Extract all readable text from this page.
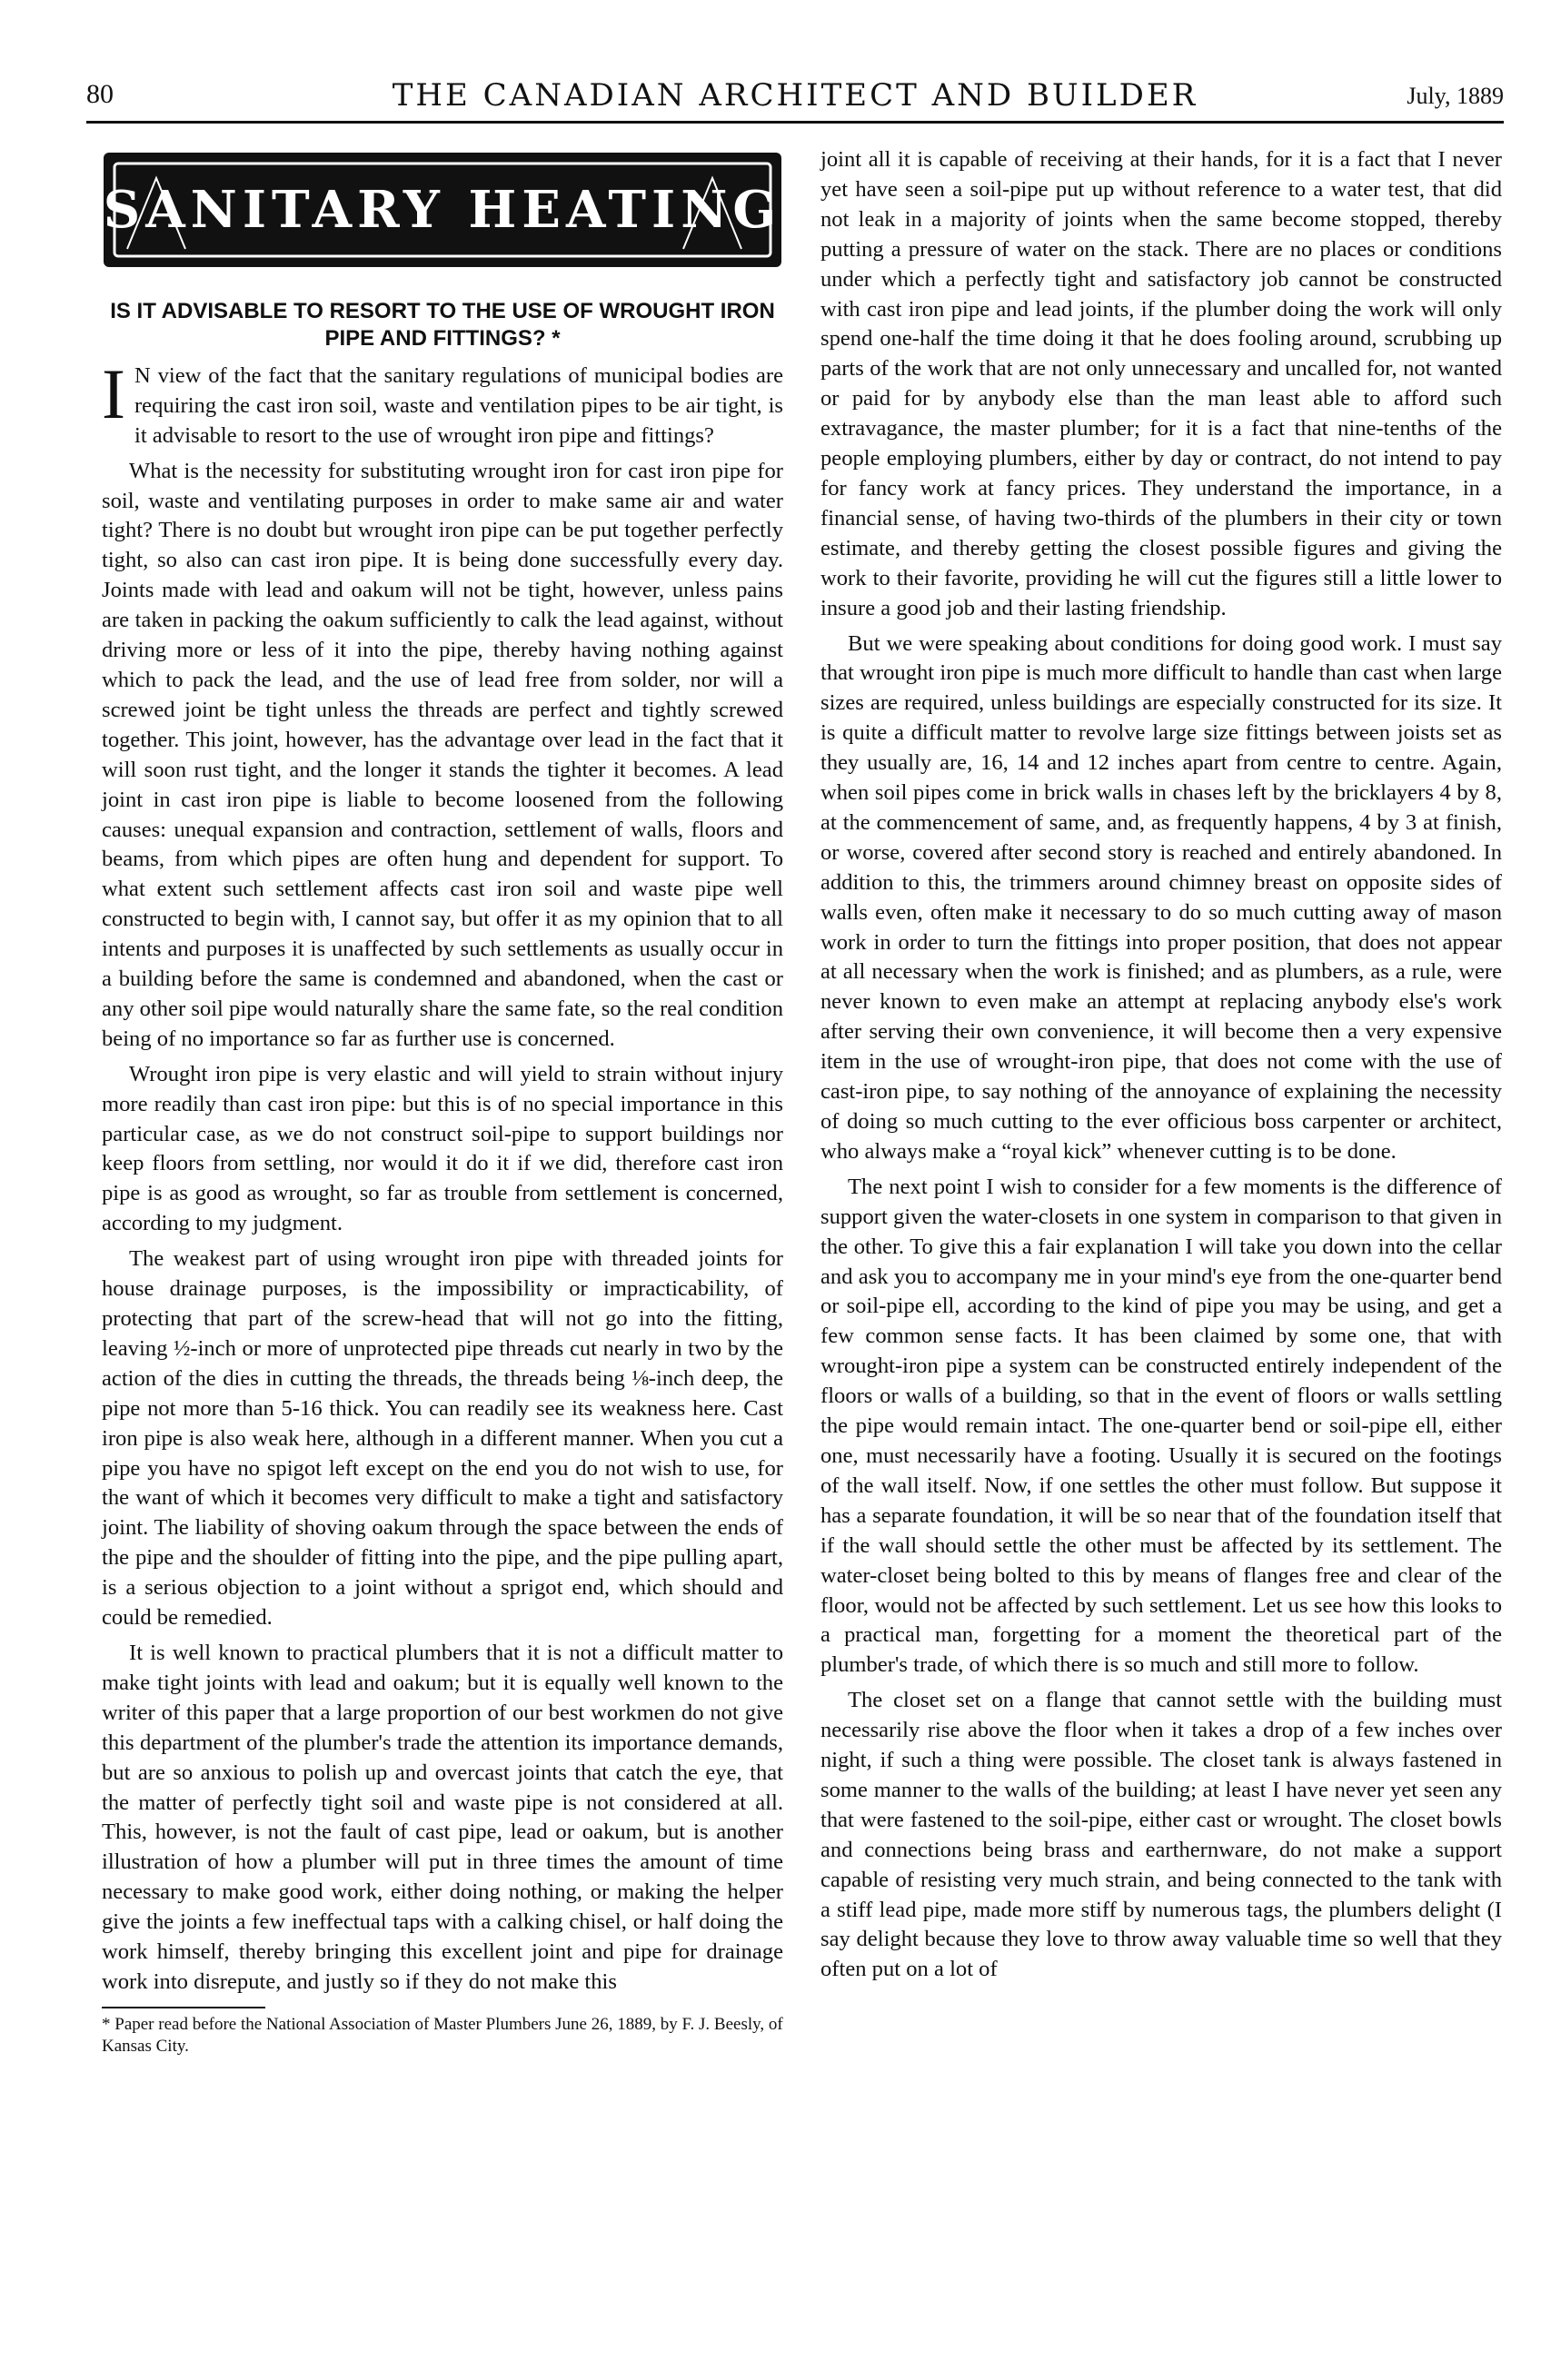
80	THE CANADIAN ARCHITECT AND BUILDER	July, 1889
SANITARY HEATING
IS IT ADVISABLE TO RESORT TO THE USE OF WROUGHT IRON PIPE AND FITTINGS? *

I N view of the fact that the sanitary regulations of municipal bodies are requiring the cast iron soil, waste and ventilation pipes to be air tight, is it advisable to resort to the use of wrought iron pipe and fittings?

What is the necessity for substituting wrought iron for cast iron pipe for soil, waste and ventilating purposes in order to make same air and water tight? There is no doubt but wrought iron pipe can be put together perfectly tight, so also can cast iron pipe. It is being done successfully every day. Joints made with lead and oakum will not be tight, however, unless pains are taken in packing the oakum sufficiently to calk the lead against, without driving more or less of it into the pipe, thereby having nothing against which to pack the lead, and the use of lead free from solder, nor will a screwed joint be tight unless the threads are perfect and tightly screwed together. This joint, however, has the advantage over lead in the fact that it will soon rust tight, and the longer it stands the tighter it becomes. A lead joint in cast iron pipe is liable to become loosened from the following causes: unequal expansion and contraction, settlement of walls, floors and beams, from which pipes are often hung and dependent for support. To what extent such settlement affects cast iron soil and waste pipe well constructed to begin with, I cannot say, but offer it as my opinion that to all intents and purposes it is unaffected by such settlements as usually occur in a building before the same is condemned and abandoned, when the cast or any other soil pipe would naturally share the same fate, so the real condition being of no importance so far as further use is concerned.

Wrought iron pipe is very elastic and will yield to strain without injury more readily than cast iron pipe: but this is of no special importance in this particular case, as we do not construct soil-pipe to support buildings nor keep floors from settling, nor would it do it if we did, therefore cast iron pipe is as good as wrought, so far as trouble from settlement is concerned, according to my judgment.

The weakest part of using wrought iron pipe with threaded joints for house drainage purposes, is the impossibility or impracticability, of protecting that part of the screw-head that will not go into the fitting, leaving ½-inch or more of unprotected pipe threads cut nearly in two by the action of the dies in cutting the threads, the threads being ⅛-inch deep, the pipe not more than 5-16 thick. You can readily see its weakness here. Cast iron pipe is also weak here, although in a different manner. When you cut a pipe you have no spigot left except on the end you do not wish to use, for the want of which it becomes very difficult to make a tight and satisfactory joint. The liability of shoving oakum through the space between the ends of the pipe and the shoulder of fitting into the pipe, and the pipe pulling apart, is a serious objection to a joint without a sprigot end, which should and could be remedied.

It is well known to practical plumbers that it is not a difficult matter to make tight joints with lead and oakum; but it is equally well known to the writer of this paper that a large proportion of our best workmen do not give this department of the plumber's trade the attention its importance demands, but are so anxious to polish up and overcast joints that catch the eye, that the matter of perfectly tight soil and waste pipe is not considered at all. This, however, is not the fault of cast pipe, lead or oakum, but is another illustration of how a plumber will put in three times the amount of time necessary to make good work, either doing nothing, or making the helper give the joints a few ineffectual taps with a calking chisel, or half doing the work himself, thereby bringing this excellent joint and pipe for drainage work into disrepute, and justly so if they do not make this

* Paper read before the National Association of Master Plumbers June 26, 1889, by F. J. Beesly, of Kansas City.

joint all it is capable of receiving at their hands, for it is a fact that I never yet have seen a soil-pipe put up without reference to a water test, that did not leak in a majority of joints when the same become stopped, thereby putting a pressure of water on the stack. There are no places or conditions under which a perfectly tight and satisfactory job cannot be constructed with cast iron pipe and lead joints, if the plumber doing the work will only spend one-half the time doing it that he does fooling around, scrubbing up parts of the work that are not only unnecessary and uncalled for, not wanted or paid for by anybody else than the man least able to afford such extravagance, the master plumber; for it is a fact that nine-tenths of the people employing plumbers, either by day or contract, do not intend to pay for fancy work at fancy prices. They understand the importance, in a financial sense, of having two-thirds of the plumbers in their city or town estimate, and thereby getting the closest possible figures and giving the work to their favorite, providing he will cut the figures still a little lower to insure a good job and their lasting friendship.

But we were speaking about conditions for doing good work. I must say that wrought iron pipe is much more difficult to handle than cast when large sizes are required, unless buildings are especially constructed for its size. It is quite a difficult matter to revolve large size fittings between joists set as they usually are, 16, 14 and 12 inches apart from centre to centre. Again, when soil pipes come in brick walls in chases left by the bricklayers 4 by 8, at the commencement of same, and, as frequently happens, 4 by 3 at finish, or worse, covered after second story is reached and entirely abandoned. In addition to this, the trimmers around chimney breast on opposite sides of walls even, often make it necessary to do so much cutting away of mason work in order to turn the fittings into proper position, that does not appear at all necessary when the work is finished; and as plumbers, as a rule, were never known to even make an attempt at replacing anybody else's work after serving their own convenience, it will become then a very expensive item in the use of wrought-iron pipe, that does not come with the use of cast-iron pipe, to say nothing of the annoyance of explaining the necessity of doing so much cutting to the ever officious boss carpenter or architect, who always make a “royal kick” whenever cutting is to be done.

The next point I wish to consider for a few moments is the difference of support given the water-closets in one system in comparison to that given in the other. To give this a fair explanation I will take you down into the cellar and ask you to accompany me in your mind's eye from the one-quarter bend or soil-pipe ell, according to the kind of pipe you may be using, and get a few common sense facts. It has been claimed by some one, that with wrought-iron pipe a system can be constructed entirely independent of the floors or walls of a building, so that in the event of floors or walls settling the pipe would remain intact. The one-quarter bend or soil-pipe ell, either one, must necessarily have a footing. Usually it is secured on the footings of the wall itself. Now, if one settles the other must follow. But suppose it has a separate foundation, it will be so near that of the foundation itself that if the wall should settle the other must be affected by its settlement. The water-closet being bolted to this by means of flanges free and clear of the floor, would not be affected by such settlement. Let us see how this looks to a practical man, forgetting for a moment the theoretical part of the plumber's trade, of which there is so much and still more to follow.

The closet set on a flange that cannot settle with the building must necessarily rise above the floor when it takes a drop of a few inches over night, if such a thing were possible. The closet tank is always fastened in some manner to the walls of the building; at least I have never yet seen any that were fastened to the soil-pipe, either cast or wrought. The closet bowls and connections being brass and earthernware, do not make a support capable of resisting very much strain, and being connected to the tank with a stiff lead pipe, made more stiff by numerous tags, the plumbers delight (I say delight because they love to throw away valuable time so well that they often put on a lot of
